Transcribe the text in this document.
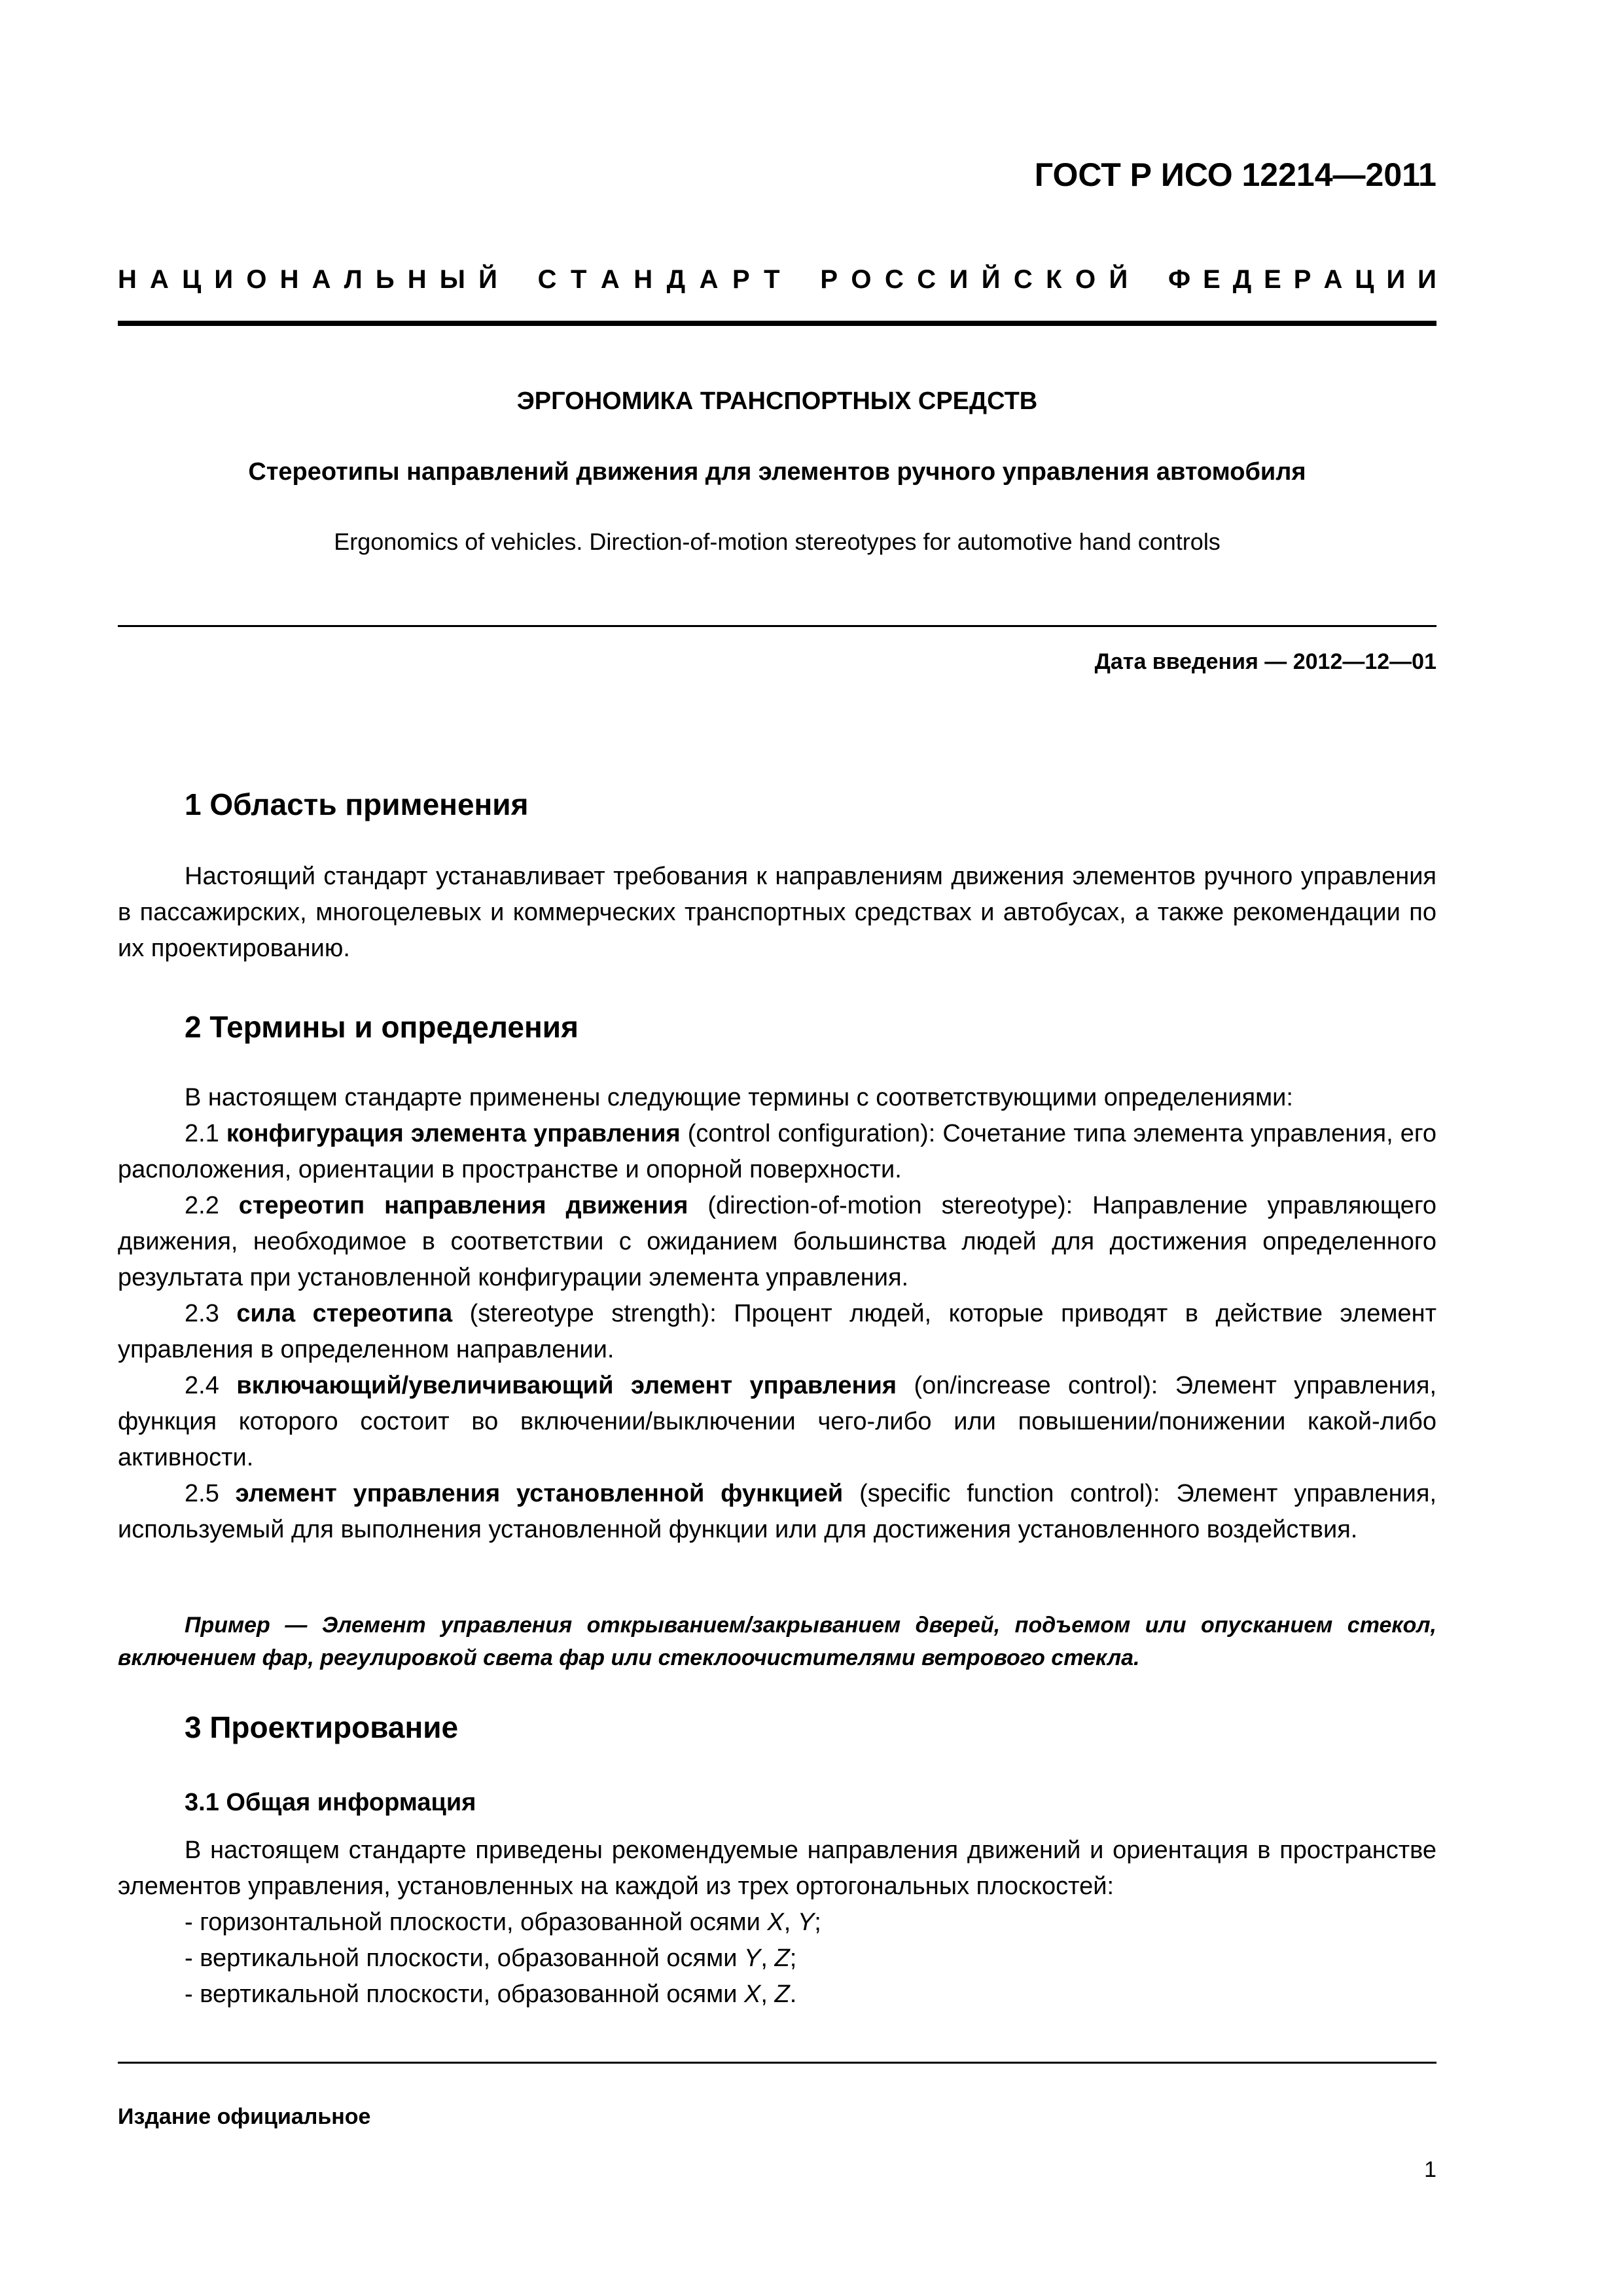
ГОСТ Р ИСО 12214—2011
Н А Ц И О Н А Л Ь Н Ы Й С Т А Н Д А Р Т Р О С С И Й С К О Й Ф Е Д Е Р А Ц И И
ЭРГОНОМИКА ТРАНСПОРТНЫХ СРЕДСТВ
Стереотипы направлений движения для элементов ручного управления автомобиля
Ergonomics of vehicles. Direction-of-motion stereotypes for automotive hand controls
Дата введения — 2012—12—01
1 Область применения
Настоящий стандарт устанавливает требования к направлениям движения элементов ручного управления в пассажирских, многоцелевых и коммерческих транспортных средствах и автобусах, а также рекомендации по их проектированию.
2 Термины и определения
В настоящем стандарте применены следующие термины с соответствующими определениями:
2.1 конфигурация элемента управления (control configuration): Сочетание типа элемента управления, его расположения, ориентации в пространстве и опорной поверхности.
2.2 стереотип направления движения (direction-of-motion stereotype): Направление управляющего движения, необходимое в соответствии с ожиданием большинства людей для достижения определенного результата при установленной конфигурации элемента управления.
2.3 сила стереотипа (stereotype strength): Процент людей, которые приводят в действие элемент управления в определенном направлении.
2.4 включающий/увеличивающий элемент управления (on/increase control): Элемент управления, функция которого состоит во включении/выключении чего-либо или повышении/понижении какой-либо активности.
2.5 элемент управления установленной функцией (specific function control): Элемент управления, используемый для выполнения установленной функции или для достижения установленного воздействия.
Пример — Элемент управления открыванием/закрыванием дверей, подъемом или опусканием стекол, включением фар, регулировкой света фар или стеклоочистителями ветрового стекла.
3 Проектирование
3.1 Общая информация
В настоящем стандарте приведены рекомендуемые направления движений и ориентация в пространстве элементов управления, установленных на каждой из трех ортогональных плоскостей:
- горизонтальной плоскости, образованной осями X, Y;
- вертикальной плоскости, образованной осями Y, Z;
- вертикальной плоскости, образованной осями X, Z.
Издание официальное
1
